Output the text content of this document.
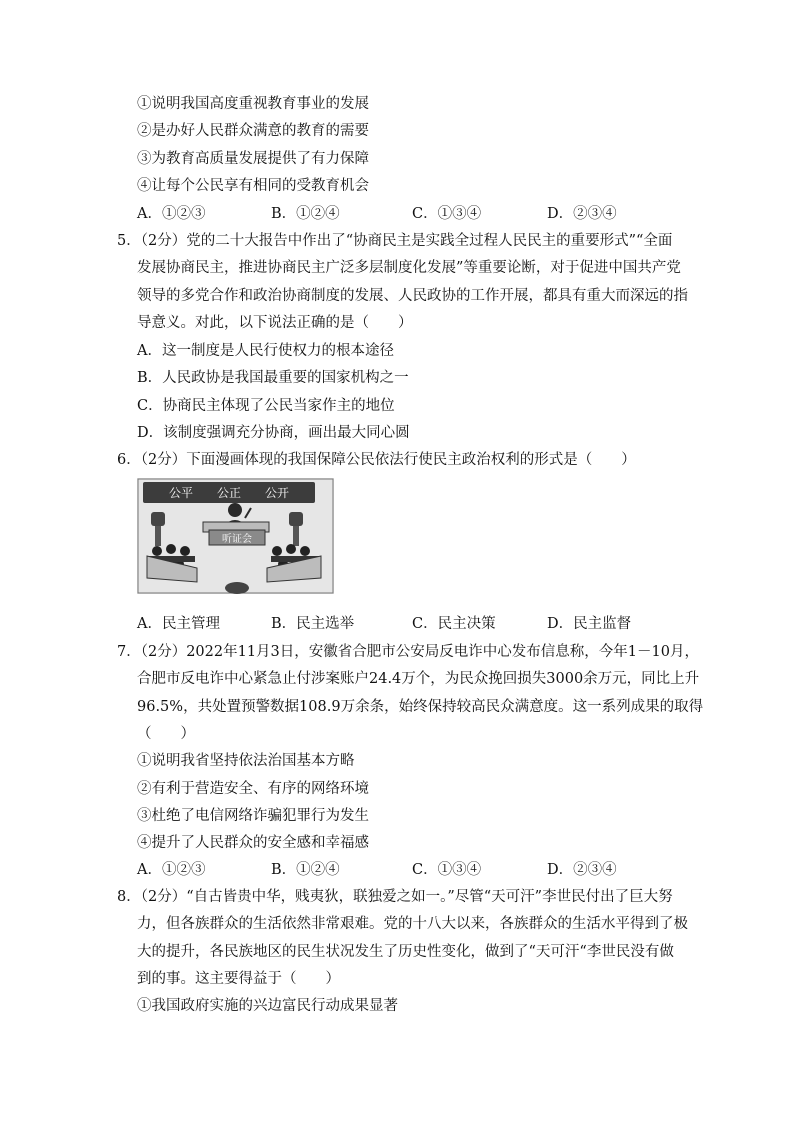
①说明我国高度重视教育事业的发展
②是办好人民群众满意的教育的需要
③为教育高质量发展提供了有力保障
④让每个公民享有相同的受教育机会
A．①②③	B．①②④	C．①③④	D．②③④
5．（2分）党的二十大报告中作出了“协商民主是实践全过程人民民主的重要形式”“全面
发展协商民主，推进协商民主广泛多层制度化发展”等重要论断，对于促进中国共产党
领导的多党合作和政治协商制度的发展、人民政协的工作开展，都具有重大而深远的指
导意义。对此，以下说法正确的是（　　）
A．这一制度是人民行使权力的根本途径
B．人民政协是我国最重要的国家机构之一
C．协商民主体现了公民当家作主的地位
D．该制度强调充分协商，画出最大同心圆
6．（2分）下面漫画体现的我国保障公民依法行使民主政治权利的形式是（　　）
公平　　公正　　公开
听证会
A．民主管理	B．民主选举	C．民主决策	D．民主监督
7．（2分）2022年11月3日，安徽省合肥市公安局反电诈中心发布信息称，今年1－10月，
合肥市反电诈中心紧急止付涉案账户24.4万个，为民众挽回损失3000余万元，同比上升
96.5%，共处置预警数据108.9万余条，始终保持较高民众满意度。这一系列成果的取得
（　　）
①说明我省坚持依法治国基本方略
②有利于营造安全、有序的网络环境
③杜绝了电信网络诈骗犯罪行为发生
④提升了人民群众的安全感和幸福感
A．①②③	B．①②④	C．①③④	D．②③④
8．（2分）“自古皆贵中华，贱夷狄，联独爱之如一。”尽管“天可汗”李世民付出了巨大努
力，但各族群众的生活依然非常艰难。党的十八大以来，各族群众的生活水平得到了极
大的提升，各民族地区的民生状况发生了历史性变化，做到了“天可汗“李世民没有做
到的事。这主要得益于（　　）
①我国政府实施的兴边富民行动成果显著
